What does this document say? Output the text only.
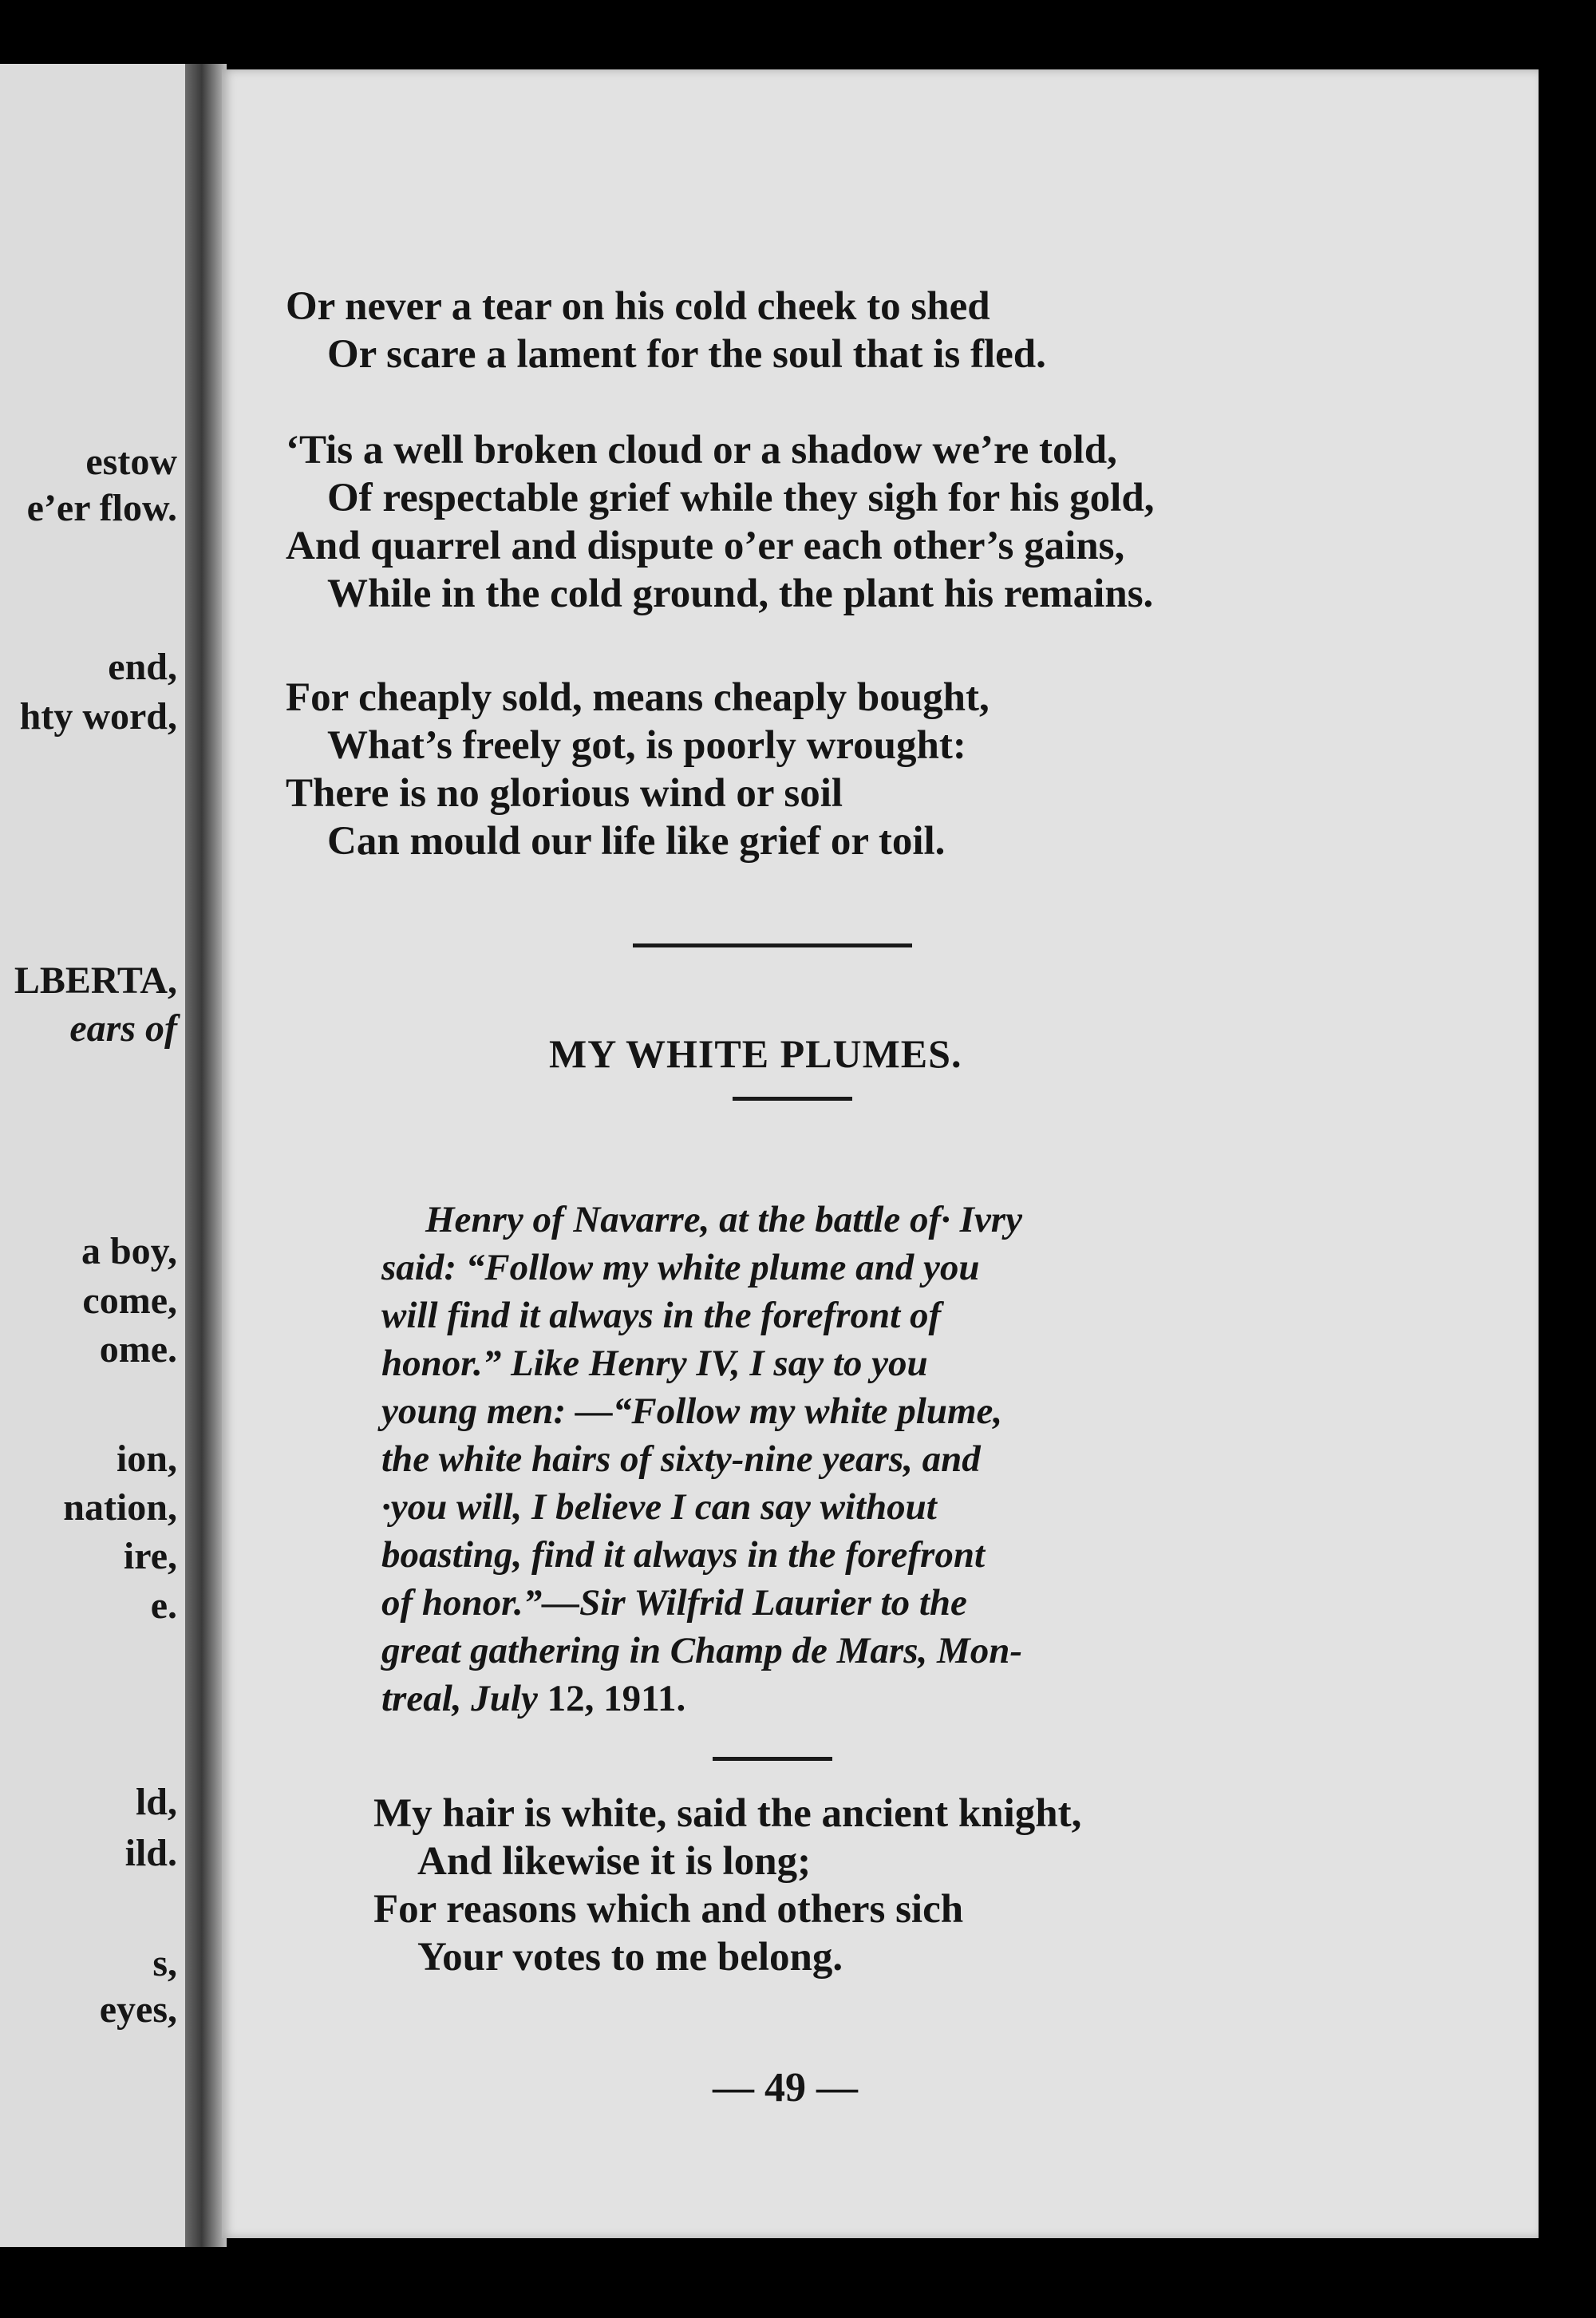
estow
e’er flow.
end,
hty word,
LBERTA,
ears of
a boy,
come,
ome.
ion,
nation,
ire,
e.
ld,
ild.
s,
eyes,
Or never a tear on his cold cheek to shed
Or scare a lament for the soul that is fled.
‘Tis a well broken cloud or a shadow we’re told,
Of respectable grief while they sigh for his gold,
And quarrel and dispute o’er each other’s gains,
While in the cold ground, the plant his remains.
For cheaply sold, means cheaply bought,
What’s freely got, is poorly wrought:
There is no glorious wind or soil
Can mould our life like grief or toil.
MY WHITE PLUMES.
Henry of Navarre, at the battle of· Ivry
said: “Follow my white plume and you
will find it always in the forefront of
honor.” Like Henry IV, I say to you
young men: —“Follow my white plume,
the white hairs of sixty-nine years, and
·you will, I believe I can say without
boasting, find it always in the forefront
of honor.”—Sir Wilfrid Laurier to the
great gathering in Champ de Mars, Mon-
treal, July 12, 1911.
My hair is white, said the ancient knight,
And likewise it is long;
For reasons which and others sich
Your votes to me belong.
— 49 —
